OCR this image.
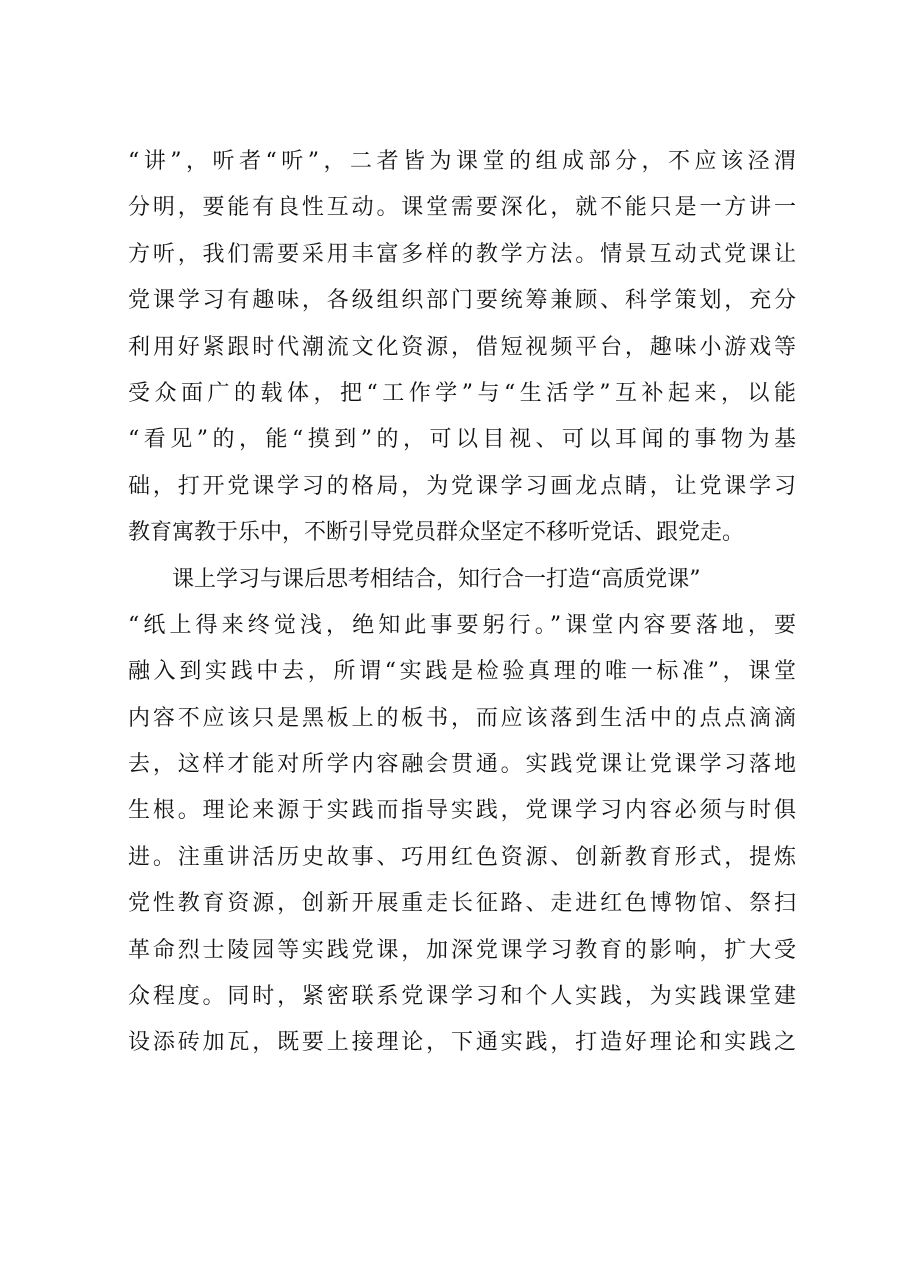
“讲”，听者“听”，二者皆为课堂的组成部分，不应该泾渭
分明，要能有良性互动。课堂需要深化，就不能只是一方讲一
方听，我们需要采用丰富多样的教学方法。情景互动式党课让
党课学习有趣味，各级组织部门要统筹兼顾、科学策划，充分
利用好紧跟时代潮流文化资源，借短视频平台，趣味小游戏等
受众面广的载体，把“工作学”与“生活学”互补起来，以能
“看见”的，能“摸到”的，可以目视、可以耳闻的事物为基
础，打开党课学习的格局，为党课学习画龙点睛，让党课学习
教育寓教于乐中，不断引导党员群众坚定不移听党话、跟党走。
课上学习与课后思考相结合，知行合一打造“高质党课”
“纸上得来终觉浅，绝知此事要躬行。”课堂内容要落地，要
融入到实践中去，所谓“实践是检验真理的唯一标准”，课堂
内容不应该只是黑板上的板书，而应该落到生活中的点点滴滴
去，这样才能对所学内容融会贯通。实践党课让党课学习落地
生根。理论来源于实践而指导实践，党课学习内容必须与时俱
进。注重讲活历史故事、巧用红色资源、创新教育形式，提炼
党性教育资源，创新开展重走长征路、走进红色博物馆、祭扫
革命烈士陵园等实践党课，加深党课学习教育的影响，扩大受
众程度。同时，紧密联系党课学习和个人实践，为实践课堂建
设添砖加瓦，既要上接理论，下通实践，打造好理论和实践之
